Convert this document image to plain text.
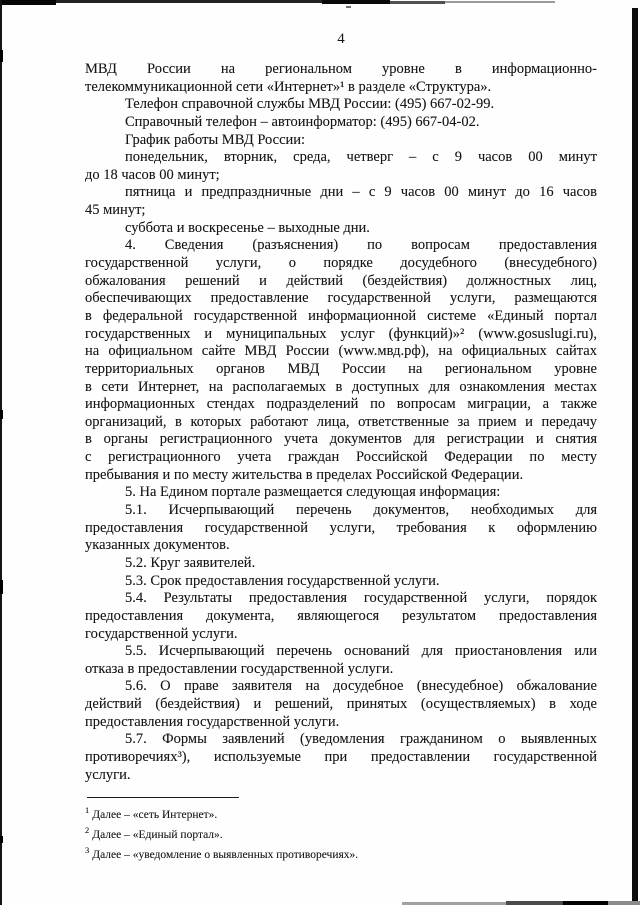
4
МВД России на региональном уровне в информационно-
телекоммуникационной сети «Интернет»¹ в разделе «Структура».
Телефон справочной службы МВД России: (495) 667-02-99.
Справочный телефон – автоинформатор: (495) 667-04-02.
График работы МВД России:
понедельник, вторник, среда, четверг – с 9 часов 00 минут
до 18 часов 00 минут;
пятница и предпраздничные дни – с 9 часов 00 минут до 16 часов
45 минут;
суббота и воскресенье – выходные дни.
4. Сведения (разъяснения) по вопросам предоставления
государственной услуги, о порядке досудебного (внесудебного)
обжалования решений и действий (бездействия) должностных лиц,
обеспечивающих предоставление государственной услуги, размещаются
в федеральной государственной информационной системе «Единый портал
государственных и муниципальных услуг (функций)»² (www.gosuslugi.ru),
на официальном сайте МВД России (www.мвд.рф), на официальных сайтах
территориальных органов МВД России на региональном уровне
в сети Интернет, на располагаемых в доступных для ознакомления местах
информационных стендах подразделений по вопросам миграции, а также
организаций, в которых работают лица, ответственные за прием и передачу
в органы регистрационного учета документов для регистрации и снятия
с регистрационного учета граждан Российской Федерации по месту
пребывания и по месту жительства в пределах Российской Федерации.
5. На Едином портале размещается следующая информация:
5.1. Исчерпывающий перечень документов, необходимых для
предоставления государственной услуги, требования к оформлению
указанных документов.
5.2. Круг заявителей.
5.3. Срок предоставления государственной услуги.
5.4. Результаты предоставления государственной услуги, порядок
предоставления документа, являющегося результатом предоставления
государственной услуги.
5.5. Исчерпывающий перечень оснований для приостановления или
отказа в предоставлении государственной услуги.
5.6. О праве заявителя на досудебное (внесудебное) обжалование
действий (бездействия) и решений, принятых (осуществляемых) в ходе
предоставления государственной услуги.
5.7. Формы заявлений (уведомления гражданином о выявленных
противоречиях³), используемые при предоставлении государственной
услуги.
$^1$ Далее – «сеть Интернет».
$^2$ Далее – «Единый портал».
$^3$ Далее – «уведомление о выявленных противоречиях».
